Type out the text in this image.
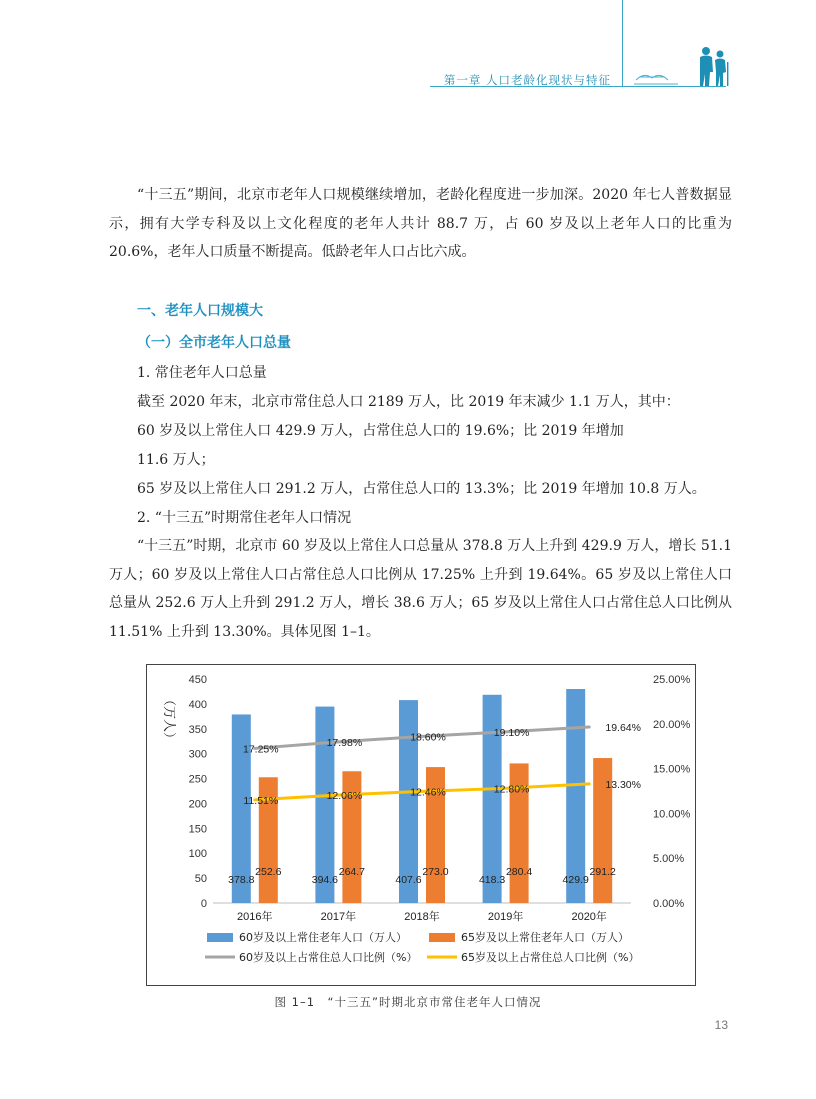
第一章 人口老龄化现状与特征

“十三五”期间，北京市老年人口规模继续增加，老龄化程度进一步加深。2020 年七人普数据显示，拥有大学专科及以上文化程度的老年人共计 88.7 万，占 60 岁及以上老年人口的比重为 20.6%，老年人口质量不断提高。低龄老年人口占比六成。

一、老年人口规模大
（一）全市老年人口总量

1. 常住老年人口总量

截至 2020 年末，北京市常住总人口 2189 万人，比 2019 年末减少 1.1 万人，其中：

60 岁及以上常住人口 429.9 万人，占常住总人口的 19.6%；比 2019 年增加

11.6 万人；

65 岁及以上常住人口 291.2 万人，占常住总人口的 13.3%；比 2019 年增加 10.8 万人。

2. “十三五”时期常住老年人口情况

“十三五”时期，北京市 60 岁及以上常住人口总量从 378.8 万人上升到 429.9 万人，增长 51.1 万人；60 岁及以上常住人口占常住总人口比例从 17.25% 上升到 19.64%。65 岁及以上常住人口总量从 252.6 万人上升到 291.2 万人，增长 38.6 万人；65 岁及以上常住人口占常住总人口比例从 11.51% 上升到 13.30%。具体见图 1–1。

0
50
100
150
200
250
300
350
400
450
0.00%
5.00%
10.00%
15.00%
20.00%
25.00%
（万人）
378.8
252.6
2016年
394.6
264.7
2017年
407.6
273.0
2018年
418.3
280.4
2019年
429.9
291.2
2020年
17.25%
17.98%	18.60%	19.10%	19.64%
11.51%	12.06%	12.46%	12.80%	13.30%
60岁及以上常住老年人口（万人）	65岁及以上常住老年人口（万人）
60岁及以上占常住总人口比例（%）	65岁及以上占常住总人口比例（%）
图 1–1　“十三五”时期北京市常住老年人口情况
13
